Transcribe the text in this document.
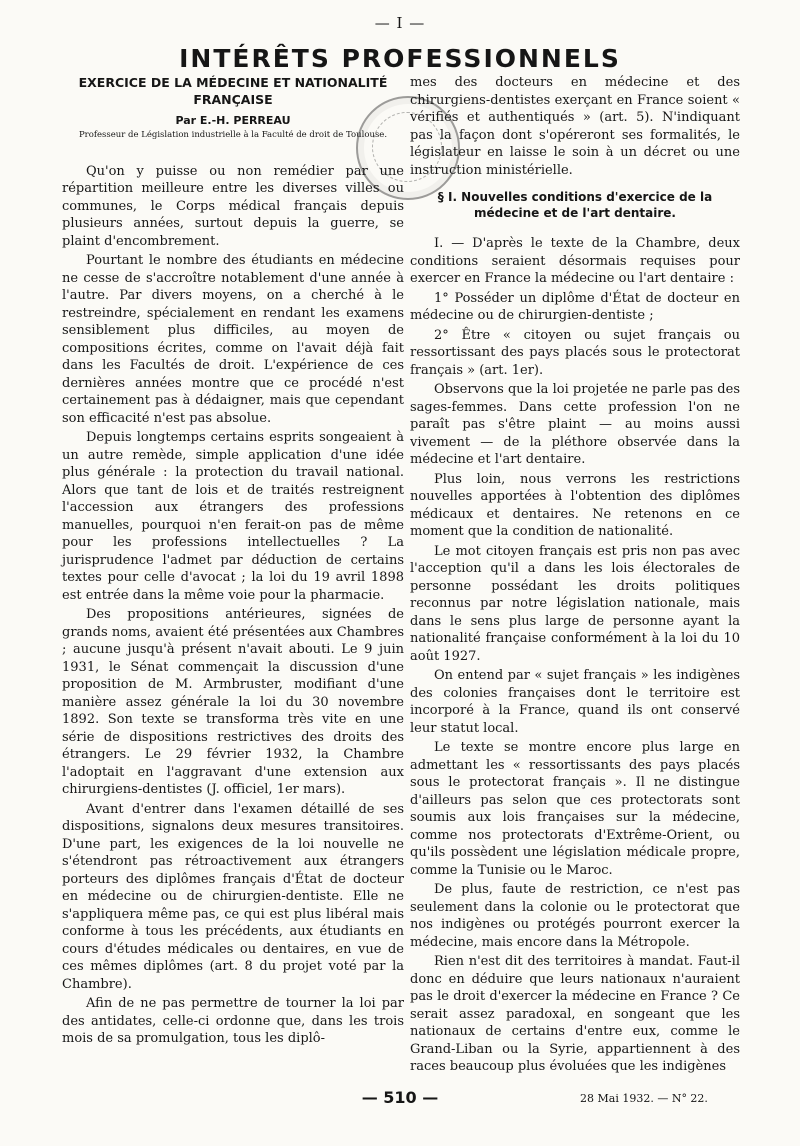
— I —
INTÉRÊTS PROFESSIONNELS
EXERCICE DE LA MÉDECINE ET NATIONALITÉ FRANÇAISE
Par E.-H. PERREAU
Professeur de Législation industrielle à la Faculté de droit de Toulouse.

Qu'on y puisse ou non remédier par une répartition meilleure entre les diverses villes ou communes, le Corps médical français depuis plusieurs années, surtout depuis la guerre, se plaint d'encombrement.

Pourtant le nombre des étudiants en médecine ne cesse de s'accroître notablement d'une année à l'autre. Par divers moyens, on a cherché à le restreindre, spécialement en rendant les examens sensiblement plus difficiles, au moyen de compositions écrites, comme on l'avait déjà fait dans les Facultés de droit. L'expérience de ces dernières années montre que ce procédé n'est certainement pas à dédaigner, mais que cependant son efficacité n'est pas absolue.

Depuis longtemps certains esprits songeaient à un autre remède, simple application d'une idée plus générale : la protection du travail national. Alors que tant de lois et de traités restreignent l'accession aux étrangers des professions manuelles, pourquoi n'en ferait-on pas de même pour les professions intellectuelles ? La jurisprudence l'admet par déduction de certains textes pour celle d'avocat ; la loi du 19 avril 1898 est entrée dans la même voie pour la pharmacie.

Des propositions antérieures, signées de grands noms, avaient été présentées aux Chambres ; aucune jusqu'à présent n'avait abouti. Le 9 juin 1931, le Sénat commençait la discussion d'une proposition de M. Armbruster, modifiant d'une manière assez générale la loi du 30 novembre 1892. Son texte se transforma très vite en une série de dispositions restrictives des droits des étrangers. Le 29 février 1932, la Chambre l'adoptait en l'aggravant d'une extension aux chirurgiens-dentistes (J. officiel, 1er mars).

Avant d'entrer dans l'examen détaillé de ses dispositions, signalons deux mesures transitoires. D'une part, les exigences de la loi nouvelle ne s'étendront pas rétroactivement aux étrangers porteurs des diplômes français d'État de docteur en médecine ou de chirurgien-dentiste. Elle ne s'appliquera même pas, ce qui est plus libéral mais conforme à tous les précédents, aux étudiants en cours d'études médicales ou dentaires, en vue de ces mêmes diplômes (art. 8 du projet voté par la Chambre).

Afin de ne pas permettre de tourner la loi par des antidates, celle-ci ordonne que, dans les trois mois de sa promulgation, tous les diplô-

mes des docteurs en médecine et des chirurgiens-dentistes exerçant en France soient « vérifiés et authentiqués » (art. 5). N'indiquant pas la façon dont s'opéreront ses formalités, le législateur en laisse le soin à un décret ou une instruction ministérielle.

§ I. Nouvelles conditions d'exercice de la médecine et de l'art dentaire.

I. — D'après le texte de la Chambre, deux conditions seraient désormais requises pour exercer en France la médecine ou l'art dentaire :

1° Posséder un diplôme d'État de docteur en médecine ou de chirurgien-dentiste ;

2° Être « citoyen ou sujet français ou ressortissant des pays placés sous le protectorat français » (art. 1er).

Observons que la loi projetée ne parle pas des sages-femmes. Dans cette profession l'on ne paraît pas s'être plaint — au moins aussi vivement — de la pléthore observée dans la médecine et l'art dentaire.

Plus loin, nous verrons les restrictions nouvelles apportées à l'obtention des diplômes médicaux et dentaires. Ne retenons en ce moment que la condition de nationalité.

Le mot citoyen français est pris non pas avec l'acception qu'il a dans les lois électorales de personne possédant les droits politiques reconnus par notre législation nationale, mais dans le sens plus large de personne ayant la nationalité française conformément à la loi du 10 août 1927.

On entend par « sujet français » les indigènes des colonies françaises dont le territoire est incorporé à la France, quand ils ont conservé leur statut local.

Le texte se montre encore plus large en admettant les « ressortissants des pays placés sous le protectorat français ». Il ne distingue d'ailleurs pas selon que ces protectorats sont soumis aux lois françaises sur la médecine, comme nos protectorats d'Extrême-Orient, ou qu'ils possèdent une législation médicale propre, comme la Tunisie ou le Maroc.

De plus, faute de restriction, ce n'est pas seulement dans la colonie ou le protectorat que nos indigènes ou protégés pourront exercer la médecine, mais encore dans la Métropole.

Rien n'est dit des territoires à mandat. Faut-il donc en déduire que leurs nationaux n'auraient pas le droit d'exercer la médecine en France ? Ce serait assez paradoxal, en songeant que les nationaux de certains d'entre eux, comme le Grand-Liban ou la Syrie, appartiennent à des races beaucoup plus évoluées que les indigènes

— 510 —	28 Mai 1932. — N° 22.
